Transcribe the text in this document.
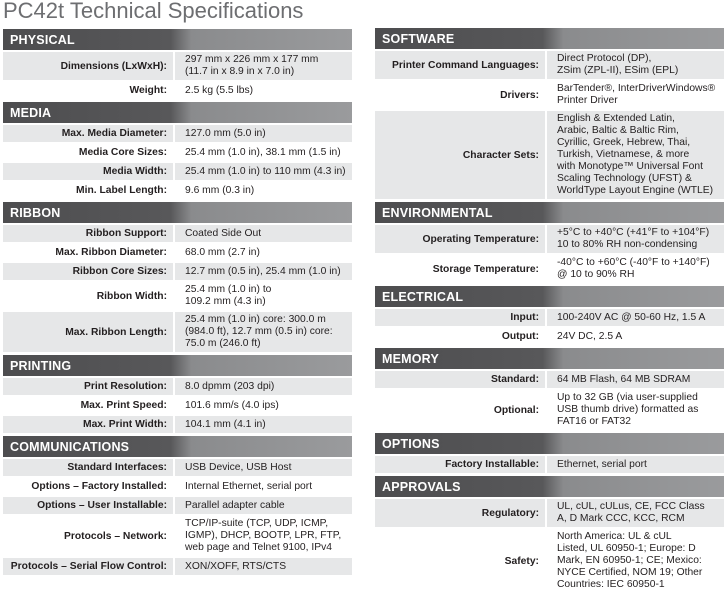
PC42t Technical Specifications
PHYSICAL
Dimensions (LxWxH):
297 mm x 226 mm x 177 mm
(11.7 in x 8.9 in x 7.0 in)
Weight:	2.5 kg (5.5 lbs)
MEDIA
Max. Media Diameter:	127.0 mm (5.0 in)
Media Core Sizes:	25.4 mm (1.0 in), 38.1 mm (1.5 in)
Media Width:	25.4 mm (1.0 in) to 110 mm (4.3 in)
Min. Label Length:	9.6 mm (0.3 in)
RIBBON
Ribbon Support:	Coated Side Out
Max. Ribbon Diameter:	68.0 mm (2.7 in)
Ribbon Core Sizes:	12.7 mm (0.5 in), 25.4 mm (1.0 in)
Ribbon Width:
25.4 mm (1.0 in) to
109.2 mm (4.3 in)
Max. Ribbon Length:
25.4 mm (1.0 in) core: 300.0 m
(984.0 ft), 12.7 mm (0.5 in) core:
75.0 m (246.0 ft)
PRINTING
Print Resolution:	8.0 dpmm (203 dpi)
Max. Print Speed:	101.6 mm/s (4.0 ips)
Max. Print Width:	104.1 mm (4.1 in)
COMMUNICATIONS
Standard Interfaces:	USB Device, USB Host
Options – Factory Installed:	Internal Ethernet, serial port
Options – User Installable:	Parallel adapter cable
Protocols – Network:
TCP/IP-suite (TCP, UDP, ICMP,
IGMP), DHCP, BOOTP, LPR, FTP,
web page and Telnet 9100, IPv4
Protocols – Serial Flow Control:	XON/XOFF, RTS/CTS
SOFTWARE
Printer Command Languages:
Direct Protocol (DP),
ZSim (ZPL-II), ESim (EPL)
Drivers:
BarTender®, InterDriverWindows®
Printer Driver
Character Sets:
English & Extended Latin,
Arabic, Baltic & Baltic Rim,
Cyrillic, Greek, Hebrew, Thai,
Turkish, Vietnamese, & more
with Monotype™ Universal Font
Scaling Technology (UFST) &
WorldType Layout Engine (WTLE)
ENVIRONMENTAL
Operating Temperature:
+5°C to +40°C (+41°F to +104°F)
10 to 80% RH non-condensing
Storage Temperature:
-40°C to +60°C (-40°F to +140°F)
@ 10 to 90% RH
ELECTRICAL
Input:	100-240V AC @ 50-60 Hz, 1.5 A
Output:	24V DC, 2.5 A
MEMORY
Standard:	64 MB Flash, 64 MB SDRAM
Optional:
Up to 32 GB (via user-supplied
USB thumb drive) formatted as
FAT16 or FAT32
OPTIONS
Factory Installable:	Ethernet, serial port
APPROVALS
Regulatory:
UL, cUL, cULus, CE, FCC Class
A, D Mark CCC, KCC, RCM
Safety:
North America: UL & cUL
Listed, UL 60950-1; Europe: D
Mark, EN 60950-1; CE; Mexico:
NYCE Certified, NOM 19; Other
Countries: IEC 60950-1
